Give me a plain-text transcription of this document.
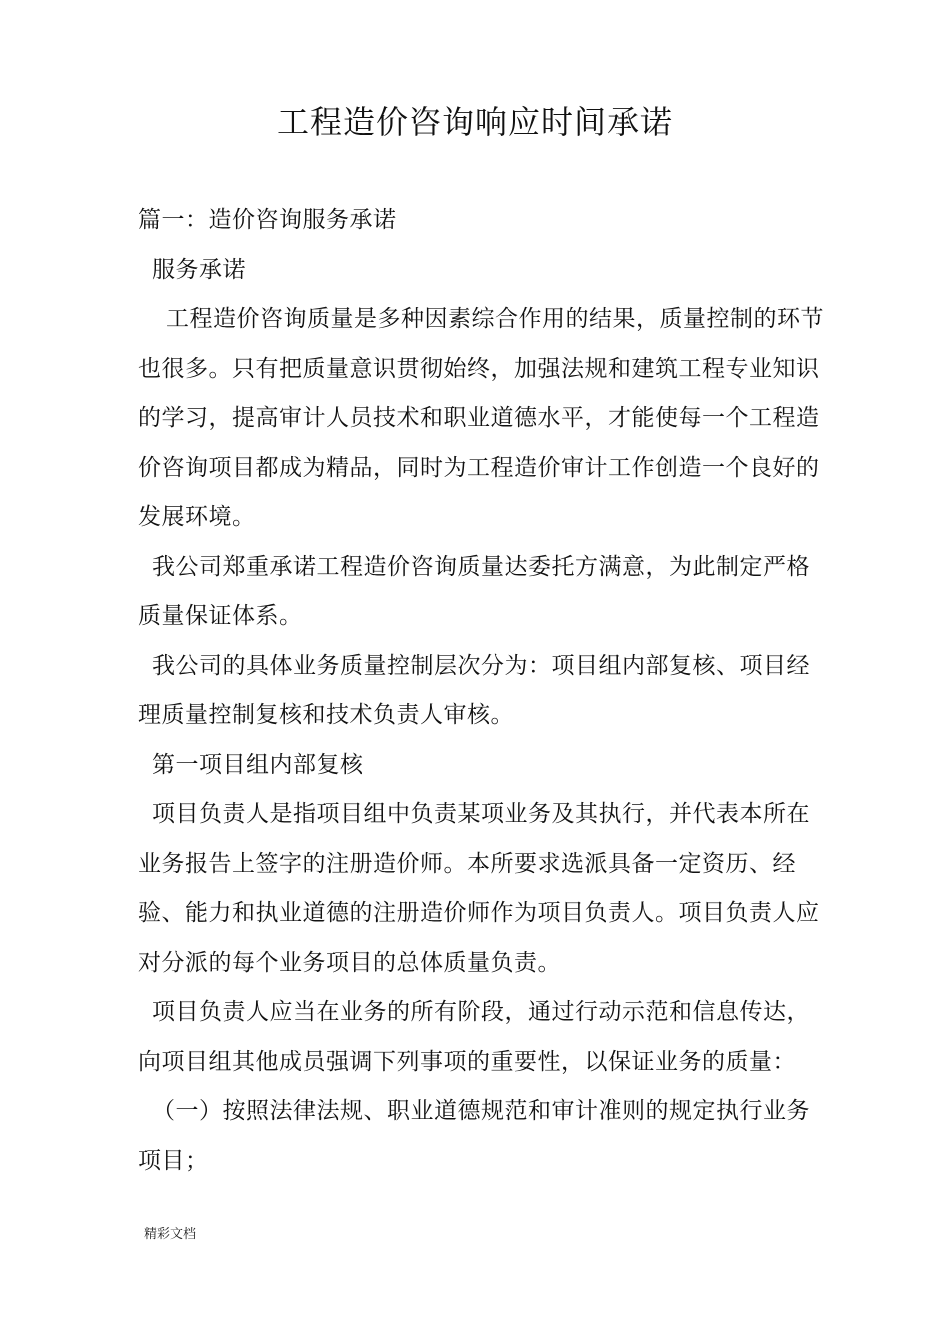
工程造价咨询响应时间承诺

篇一：造价咨询服务承诺

服务承诺

工程造价咨询质量是多种因素综合作用的结果，质量控制的环节也很多。只有把质量意识贯彻始终，加强法规和建筑工程专业知识的学习，提高审计人员技术和职业道德水平，才能使每一个工程造价咨询项目都成为精品，同时为工程造价审计工作创造一个良好的发展环境。

我公司郑重承诺工程造价咨询质量达委托方满意，为此制定严格质量保证体系。

我公司的具体业务质量控制层次分为：项目组内部复核、项目经理质量控制复核和技术负责人审核。

第一项目组内部复核

项目负责人是指项目组中负责某项业务及其执行，并代表本所在业务报告上签字的注册造价师。本所要求选派具备一定资历、经验、能力和执业道德的注册造价师作为项目负责人。项目负责人应对分派的每个业务项目的总体质量负责。

项目负责人应当在业务的所有阶段，通过行动示范和信息传达，向项目组其他成员强调下列事项的重要性，以保证业务的质量：

（一）按照法律法规、职业道德规范和审计准则的规定执行业务项目；

精彩文档
